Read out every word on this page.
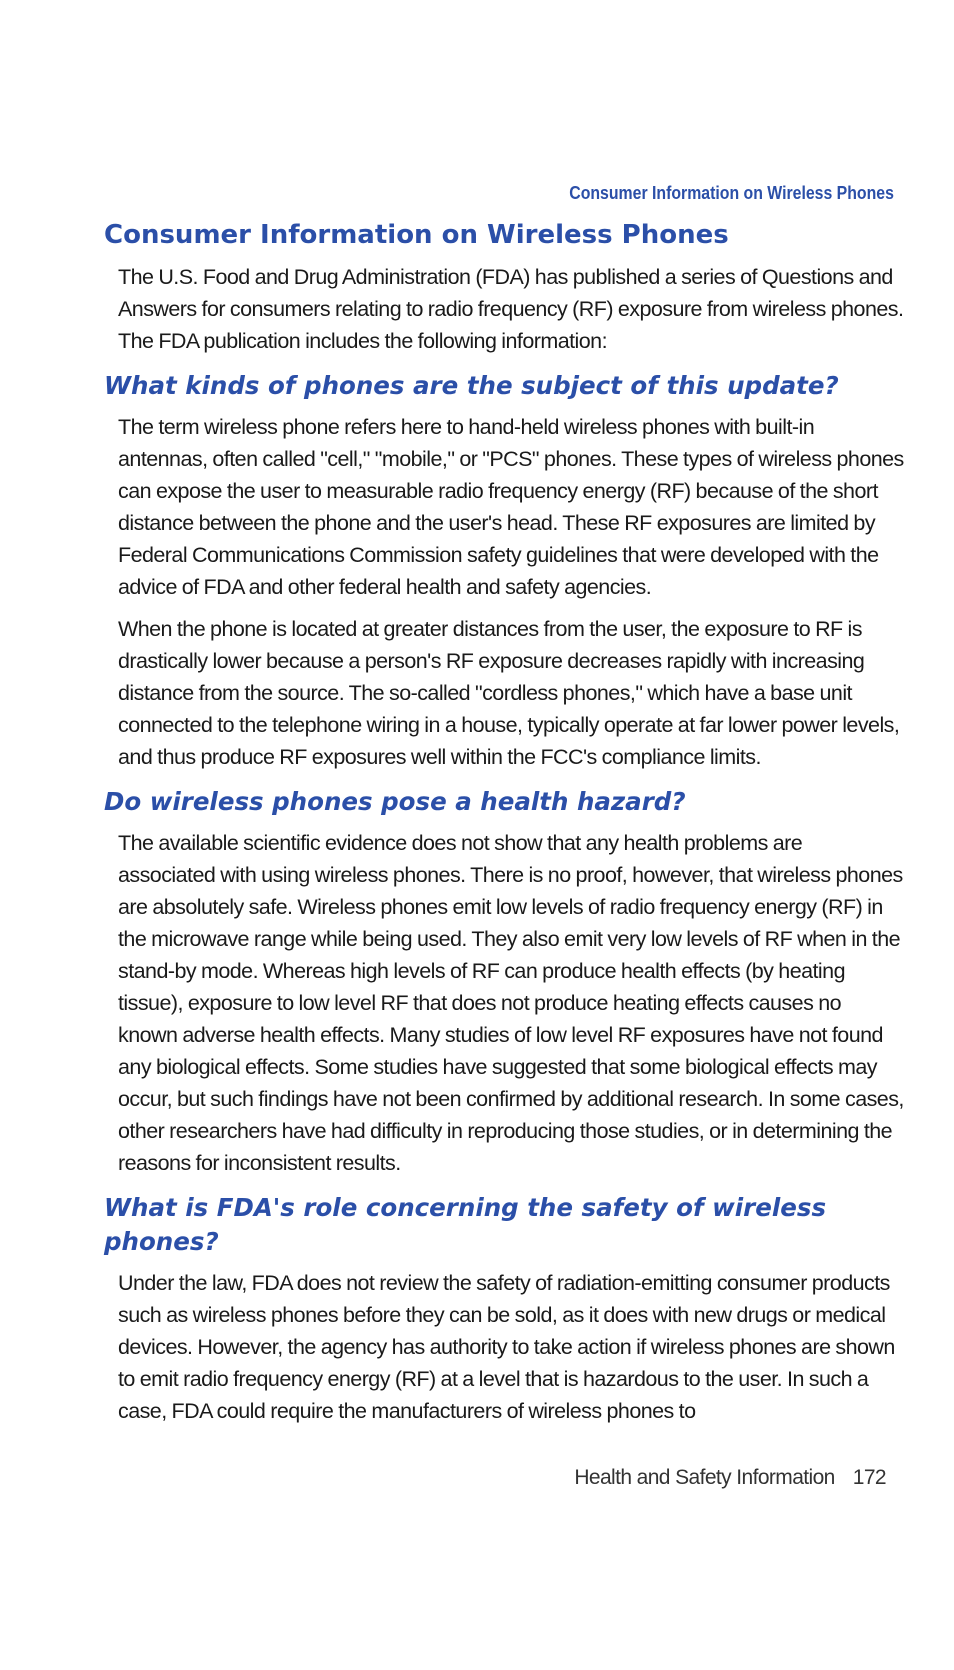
Consumer Information on Wireless Phones
Consumer Information on Wireless Phones

The U.S. Food and Drug Administration (FDA) has published a series of Questions and Answers for consumers relating to radio frequency (RF) exposure from wireless phones. The FDA publication includes the following information:

What kinds of phones are the subject of this update?

The term wireless phone refers here to hand-held wireless phones with built-in antennas, often called "cell," "mobile," or "PCS" phones. These types of wireless phones can expose the user to measurable radio frequency energy (RF) because of the short distance between the phone and the user's head. These RF exposures are limited by Federal Communications Commission safety guidelines that were developed with the advice of FDA and other federal health and safety agencies.

When the phone is located at greater distances from the user, the exposure to RF is drastically lower because a person's RF exposure decreases rapidly with increasing distance from the source. The so-called "cordless phones," which have a base unit connected to the telephone wiring in a house, typically operate at far lower power levels, and thus produce RF exposures well within the FCC's compliance limits.

Do wireless phones pose a health hazard?

The available scientific evidence does not show that any health problems are associated with using wireless phones. There is no proof, however, that wireless phones are absolutely safe. Wireless phones emit low levels of radio frequency energy (RF) in the microwave range while being used. They also emit very low levels of RF when in the stand-by mode. Whereas high levels of RF can produce health effects (by heating tissue), exposure to low level RF that does not produce heating effects causes no known adverse health effects. Many studies of low level RF exposures have not found any biological effects. Some studies have suggested that some biological effects may occur, but such findings have not been confirmed by additional research. In some cases, other researchers have had difficulty in reproducing those studies, or in determining the reasons for inconsistent results.

What is FDA's role concerning the safety of wireless phones?

Under the law, FDA does not review the safety of radiation-emitting consumer products such as wireless phones before they can be sold, as it does with new drugs or medical devices. However, the agency has authority to take action if wireless phones are shown to emit radio frequency energy (RF) at a level that is hazardous to the user. In such a case, FDA could require the manufacturers of wireless phones to

Health and Safety Information 172
